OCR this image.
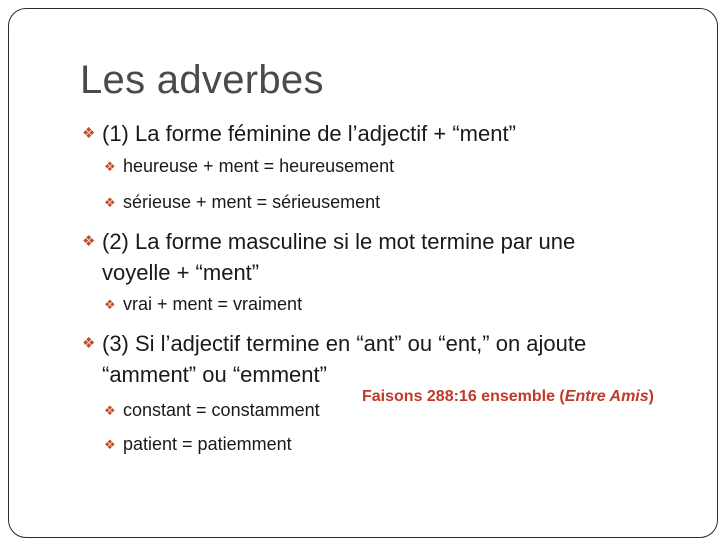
Les adverbes
❖ (1) La forme féminine de l’adjectif + “ment”
❖ heureuse + ment = heureusement
❖ sérieuse + ment = sérieusement
❖ (2) La forme masculine si le mot termine par une
voyelle + “ment”
❖ vrai + ment = vraiment
❖ (3) Si l’adjectif termine en “ant” ou “ent,” on ajoute
“amment” ou “emment”
❖ constant = constamment
❖ patient = patiemment
Faisons 288:16 ensemble (Entre Amis)
